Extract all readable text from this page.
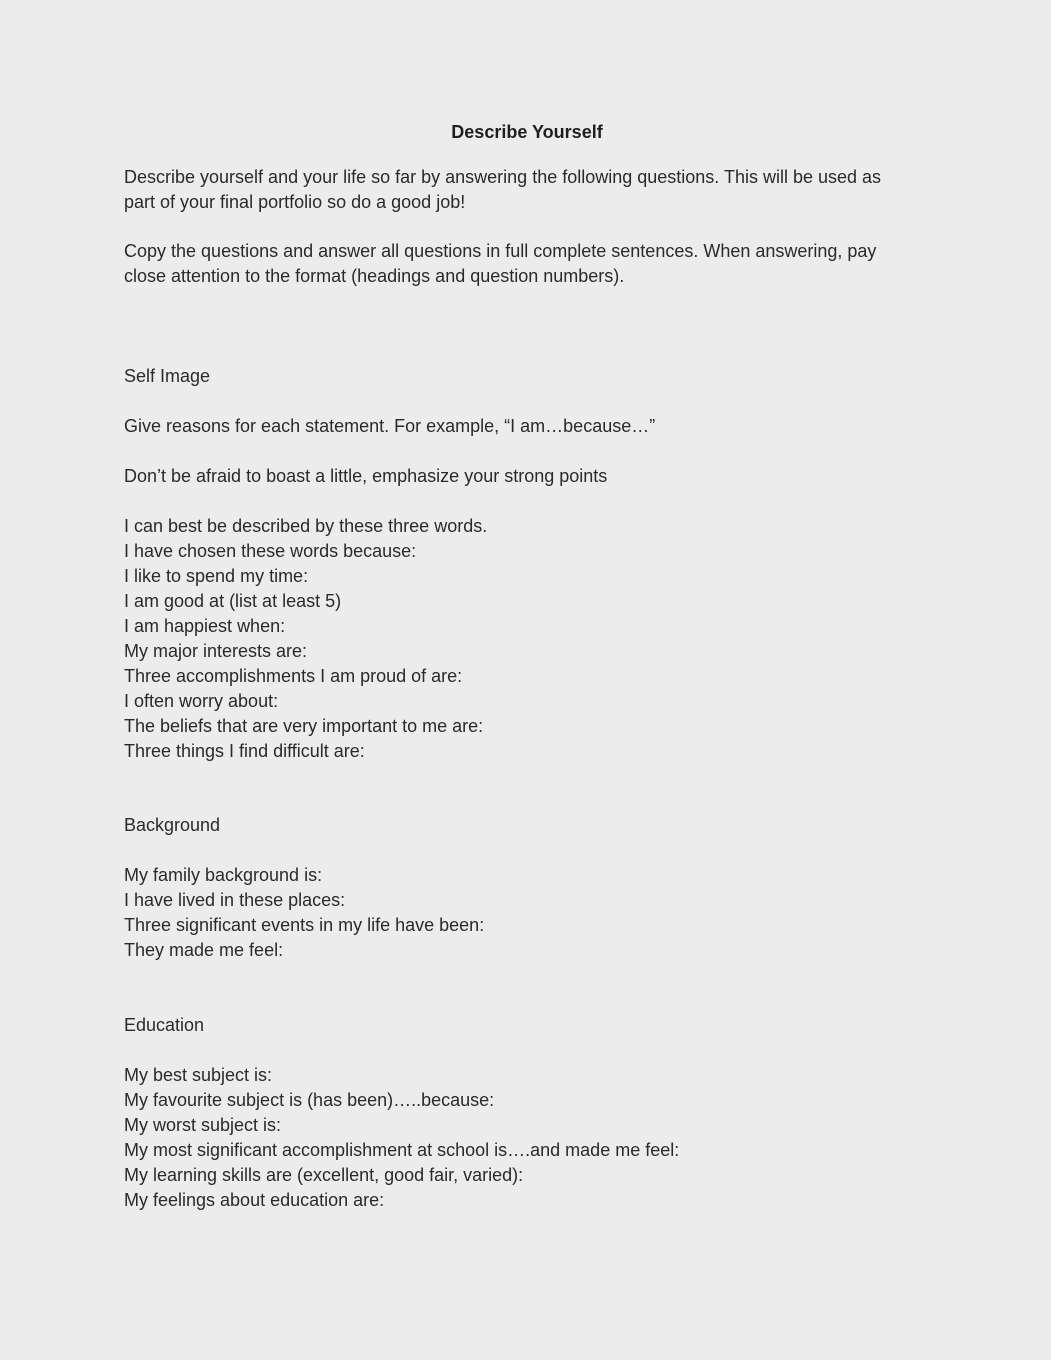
Describe Yourself
Describe yourself and your life so far by answering the following questions. This will be used as
part of your final portfolio so do a good job!
Copy the questions and answer all questions in full complete sentences. When answering, pay
close attention to the format (headings and question numbers).
Self Image
Give reasons for each statement. For example, “I am…because…”
Don’t be afraid to boast a little, emphasize your strong points
I can best be described by these three words.
I have chosen these words because:
I like to spend my time:
I am good at (list at least 5)
I am happiest when:
My major interests are:
Three accomplishments I am proud of are:
I often worry about:
The beliefs that are very important to me are:
Three things I find difficult are:
Background
My family background is:
I have lived in these places:
Three significant events in my life have been:
They made me feel:
Education
My best subject is:
My favourite subject is (has been)…..because:
My worst subject is:
My most significant accomplishment at school is….and made me feel:
My learning skills are (excellent, good fair, varied):
My feelings about education are:
